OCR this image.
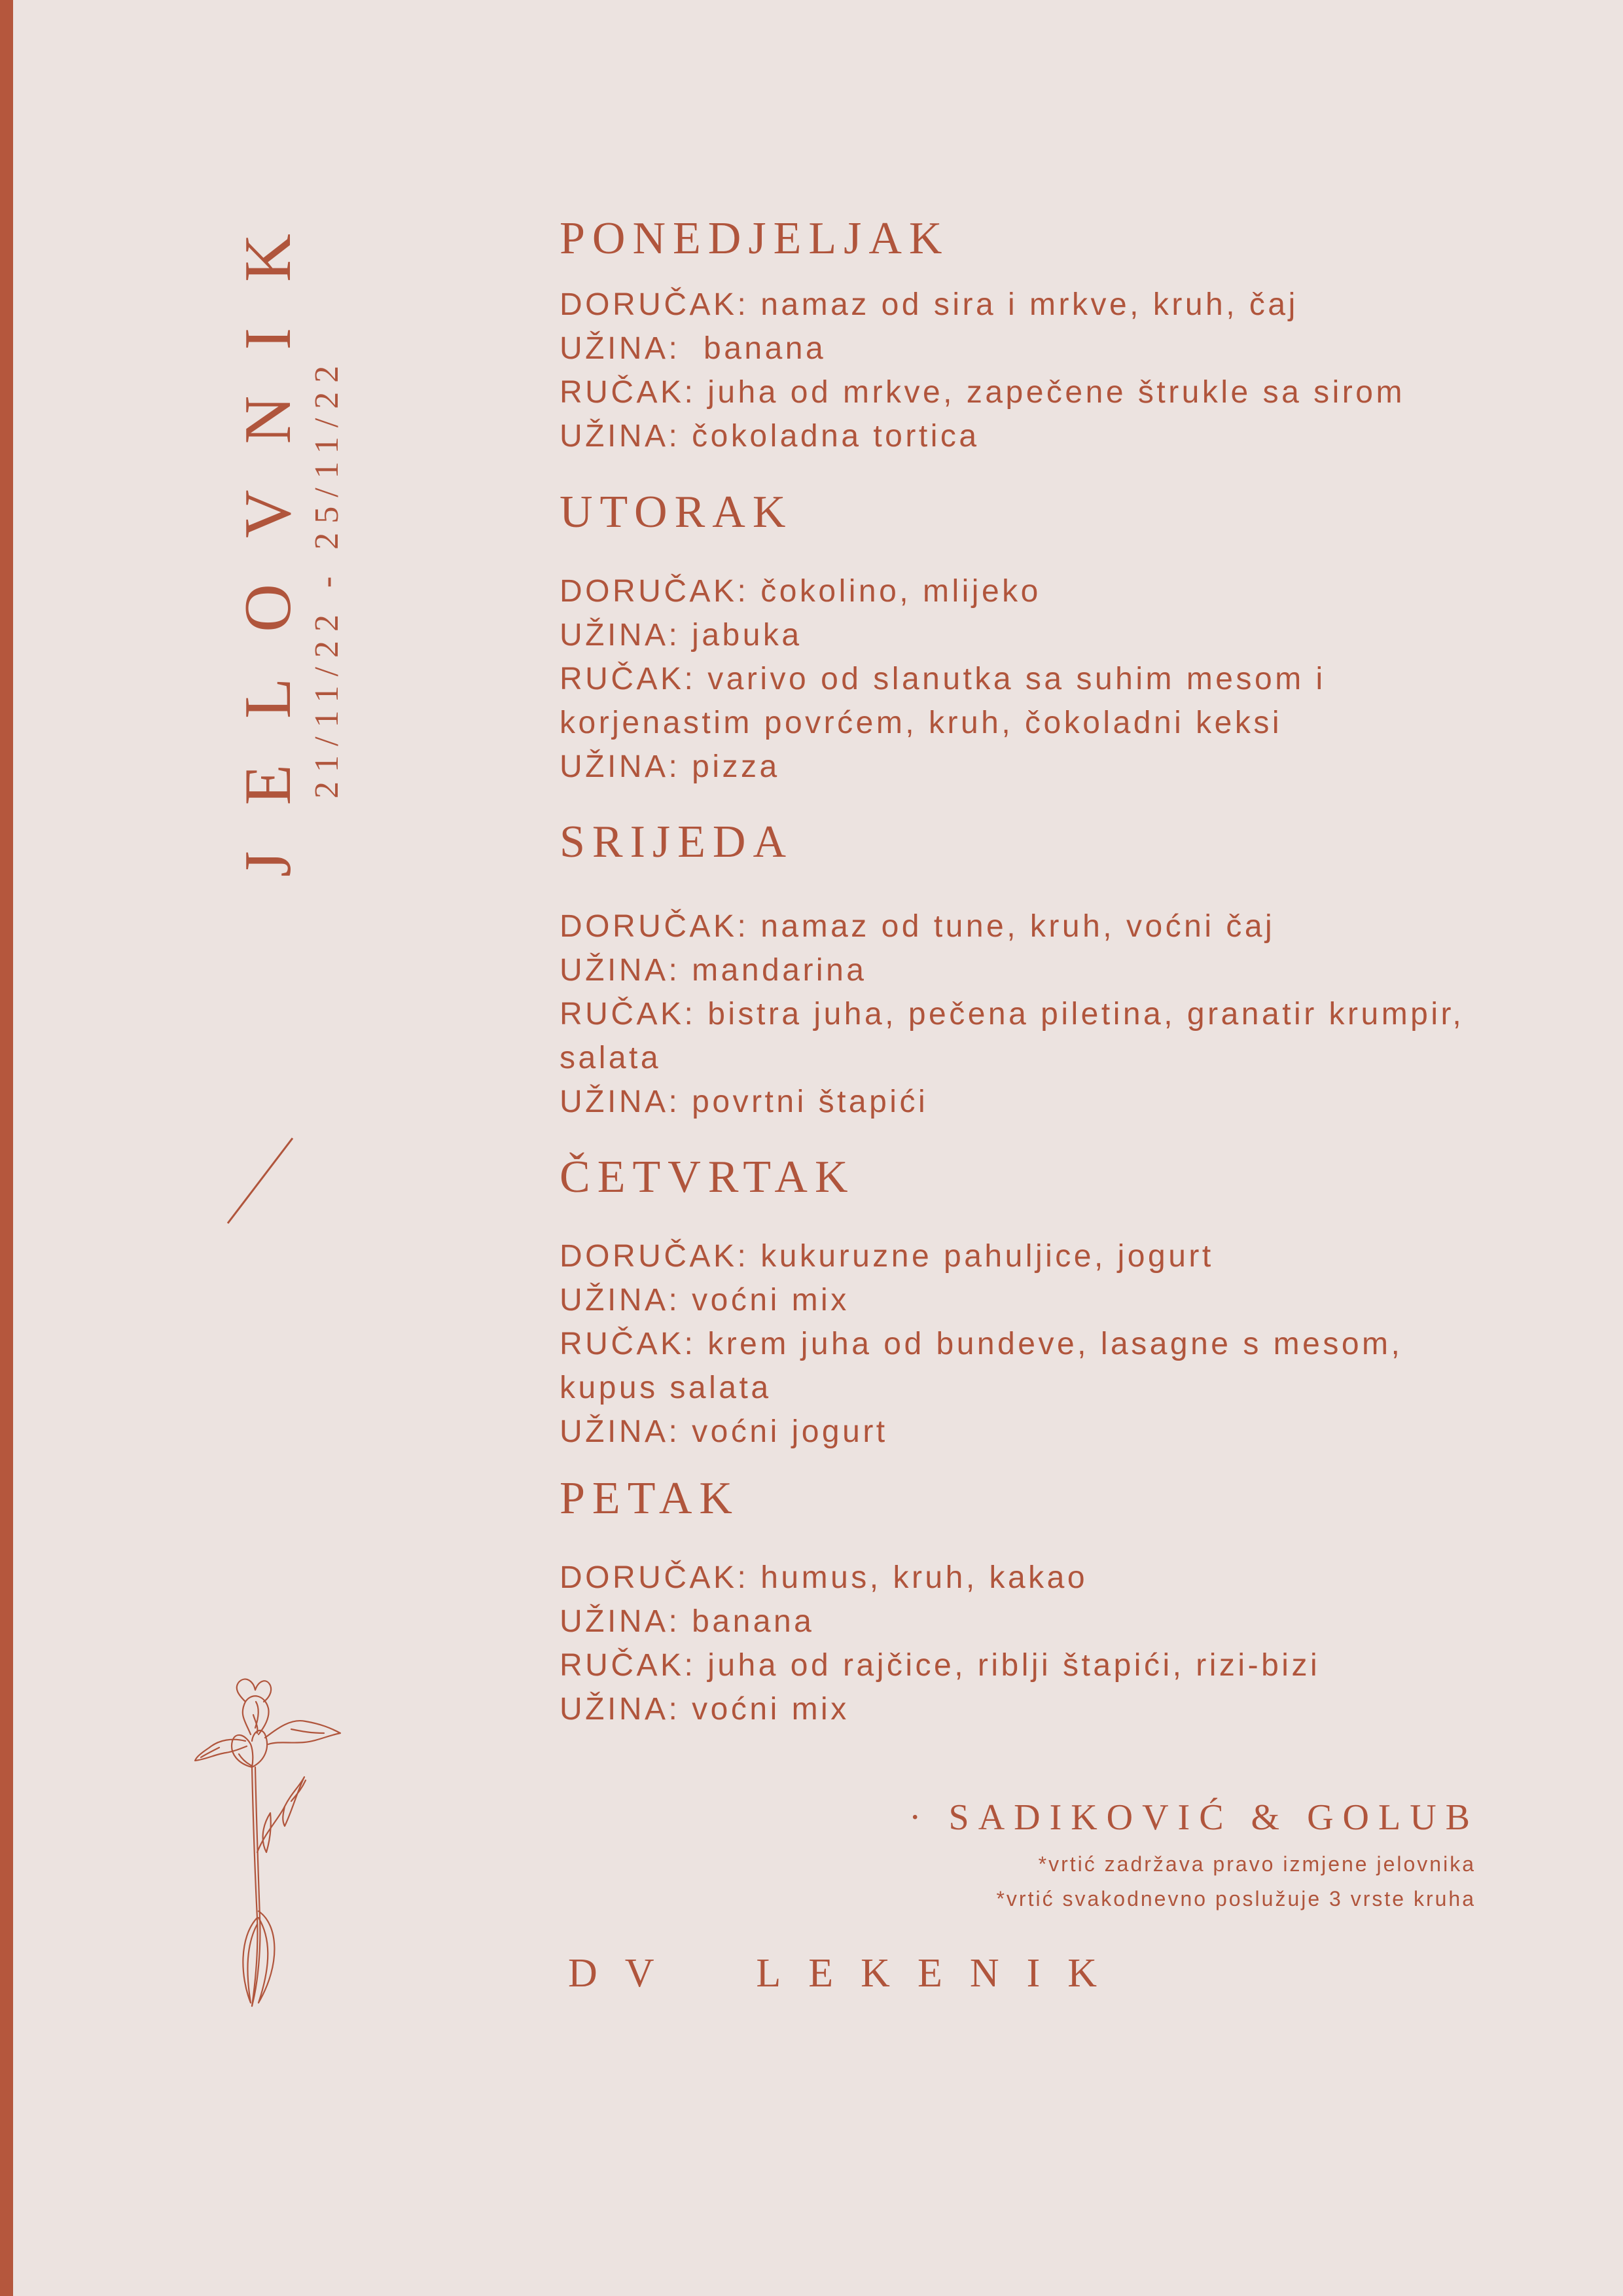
JELOVNIK 21/11/22 - 25/11/22
PONEDJELJAK
DORUČAK: namaz od sira i mrkve, kruh, čaj
UŽINA:  banana
RUČAK: juha od mrkve, zapečene štrukle sa sirom
UŽINA: čokoladna tortica
UTORAK
DORUČAK: čokolino, mlijeko
UŽINA: jabuka
RUČAK: varivo od slanutka sa suhim mesom i
korjenastim povrćem, kruh, čokoladni keksi
UŽINA: pizza
SRIJEDA
DORUČAK: namaz od tune, kruh, voćni čaj
UŽINA: mandarina
RUČAK: bistra juha, pečena piletina, granatir krumpir,
salata
UŽINA: povrtni štapići
ČETVRTAK
DORUČAK: kukuruzne pahuljice, jogurt
UŽINA: voćni mix
RUČAK: krem juha od bundeve, lasagne s mesom,
kupus salata
UŽINA: voćni jogurt
PETAK
DORUČAK: humus, kruh, kakao
UŽINA: banana
RUČAK: juha od rajčice, riblji štapići, rizi-bizi
UŽINA: voćni mix
· SADIKOVIĆ & GOLUB
*vrtić zadržava pravo izmjene jelovnika
*vrtić svakodnevno poslužuje 3 vrste kruha
DV  LEKENIK
